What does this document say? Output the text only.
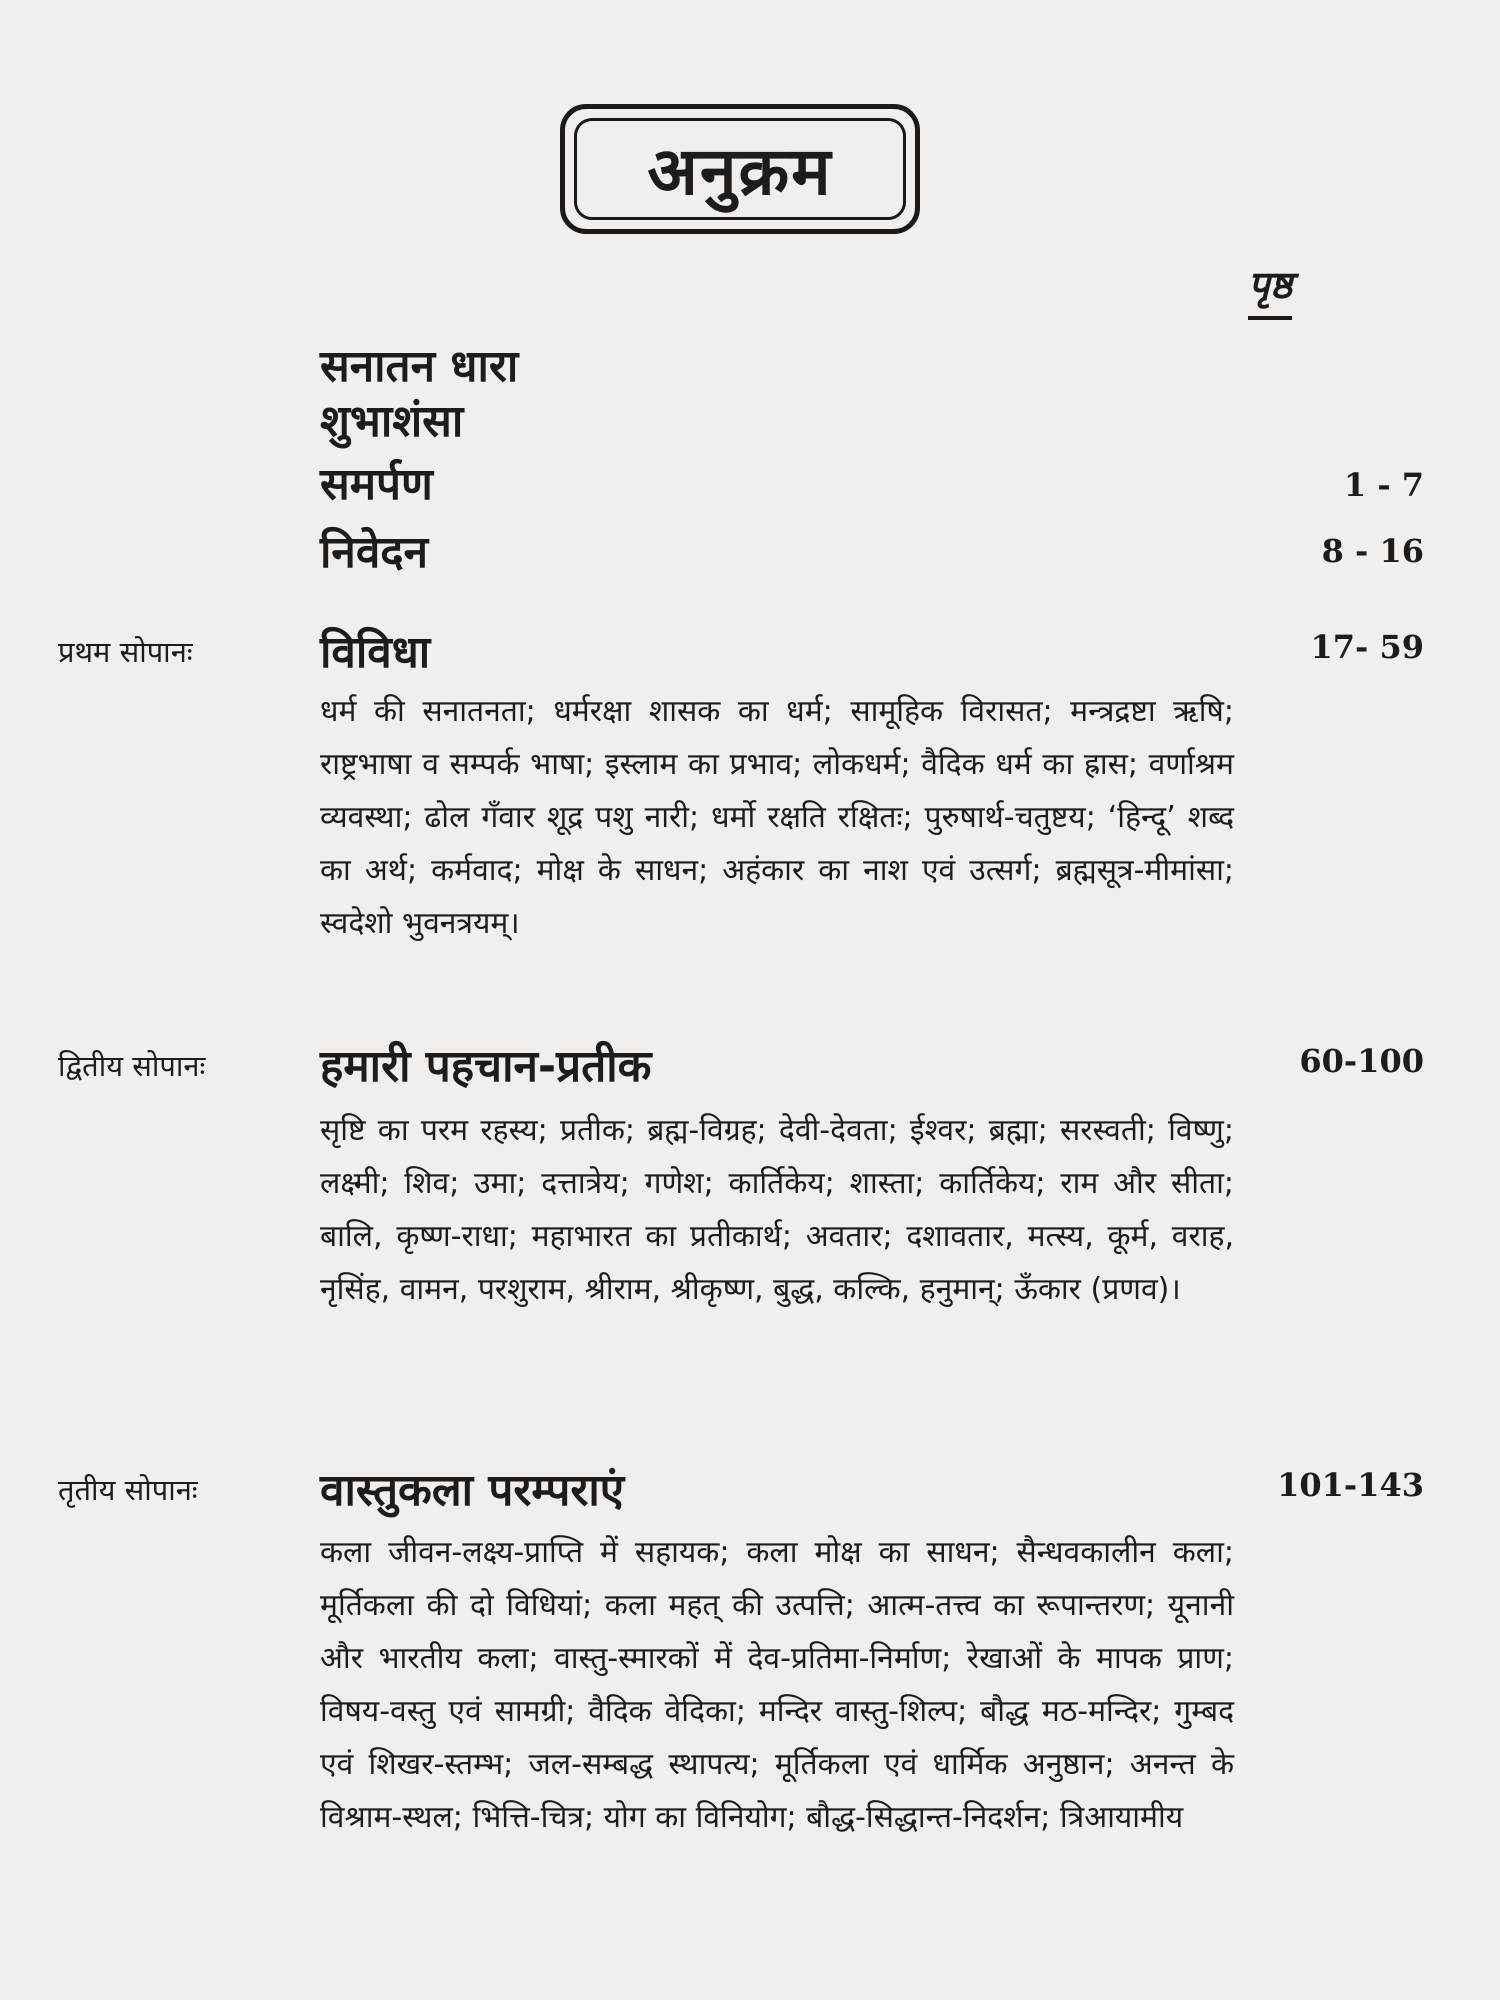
अनुक्रम
पृष्ठ
सनातन धारा
शुभाशंसा
समर्पण	1 - 7
निवेदन	8 - 16
प्रथम सोपानः	विविधा	17- 59
धर्म की सनातनता; धर्मरक्षा शासक का धर्म; सामूहिक विरासत; मन्त्रद्रष्टा ऋषि; राष्ट्रभाषा व सम्पर्क भाषा; इस्लाम का प्रभाव; लोकधर्म; वैदिक धर्म का ह्रास; वर्णाश्रम व्यवस्था; ढोल गँवार शूद्र पशु नारी; धर्मो रक्षति रक्षितः; पुरुषार्थ-चतुष्टय; ‘हिन्दू’ शब्द का अर्थ; कर्मवाद; मोक्ष के साधन; अहंकार का नाश एवं उत्सर्ग; ब्रह्मसूत्र-मीमांसा; स्वदेशो भुवनत्रयम्।
द्वितीय सोपानः	हमारी पहचान-प्रतीक	60-100
सृष्टि का परम रहस्य; प्रतीक; ब्रह्म-विग्रह; देवी-देवता; ईश्वर; ब्रह्मा; सरस्वती; विष्णु; लक्ष्मी; शिव; उमा; दत्तात्रेय; गणेश; कार्तिकेय; शास्ता; कार्तिकेय; राम और सीता; बालि, कृष्ण-राधा; महाभारत का प्रतीकार्थ; अवतार; दशावतार, मत्स्य, कूर्म, वराह, नृसिंह, वामन, परशुराम, श्रीराम, श्रीकृष्ण, बुद्ध, कल्कि, हनुमान्; ऊँकार (प्रणव)।
तृतीय सोपानः	वास्तुकला परम्पराएं	101-143
कला जीवन-लक्ष्य-प्राप्ति में सहायक; कला मोक्ष का साधन; सैन्धवकालीन कला; मूर्तिकला की दो विधियां; कला महत् की उत्पत्ति; आत्म-तत्त्व का रूपान्तरण; यूनानी और भारतीय कला; वास्तु-स्मारकों में देव-प्रतिमा-निर्माण; रेखाओं के मापक प्राण; विषय-वस्तु एवं सामग्री; वैदिक वेदिका; मन्दिर वास्तु-शिल्प; बौद्ध मठ-मन्दिर; गुम्बद एवं शिखर-स्तम्भ; जल-सम्बद्ध स्थापत्य; मूर्तिकला एवं धार्मिक अनुष्ठान; अनन्त के विश्राम-स्थल; भित्ति-चित्र; योग का विनियोग; बौद्ध-सिद्धान्त-निदर्शन; त्रिआयामीय
